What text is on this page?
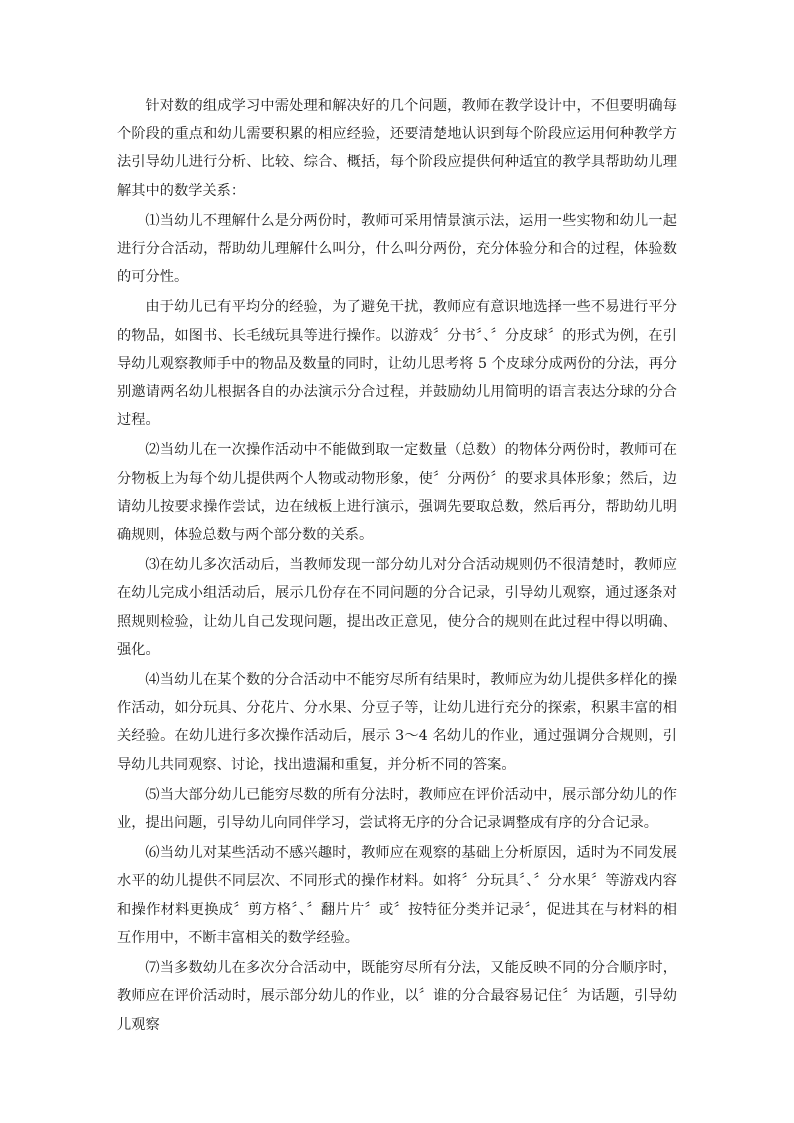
针对数的组成学习中需处理和解决好的几个问题，教师在教学设计中，不但要明确每个阶段的重点和幼儿需要积累的相应经验，还要清楚地认识到每个阶段应运用何种教学方法引导幼儿进行分析、比较、综合、概括，每个阶段应提供何种适宜的教学具帮助幼儿理解其中的数学关系：

⑴当幼儿不理解什么是分两份时，教师可采用情景演示法，运用一些实物和幼儿一起进行分合活动，帮助幼儿理解什么叫分，什么叫分两份，充分体验分和合的过程，体验数的可分性。

由于幼儿已有平均分的经验，为了避免干扰，教师应有意识地选择一些不易进行平分的物品，如图书、长毛绒玩具等进行操作。以游戏〞分书〞、〞分皮球〞的形式为例，在引导幼儿观察教师手中的物品及数量的同时，让幼儿思考将 5 个皮球分成两份的分法，再分别邀请两名幼儿根据各自的办法演示分合过程，并鼓励幼儿用简明的语言表达分球的分合过程。

⑵当幼儿在一次操作活动中不能做到取一定数量（总数）的物体分两份时，教师可在分物板上为每个幼儿提供两个人物或动物形象，使〞分两份〞的要求具体形象；然后，边请幼儿按要求操作尝试，边在绒板上进行演示，强调先要取总数，然后再分，帮助幼儿明确规则，体验总数与两个部分数的关系。

⑶在幼儿多次活动后，当教师发现一部分幼儿对分合活动规则仍不很清楚时，教师应在幼儿完成小组活动后，展示几份存在不同问题的分合记录，引导幼儿观察，通过逐条对照规则检验，让幼儿自己发现问题，提出改正意见，使分合的规则在此过程中得以明确、强化。

⑷当幼儿在某个数的分合活动中不能穷尽所有结果时，教师应为幼儿提供多样化的操作活动，如分玩具、分花片、分水果、分豆子等，让幼儿进行充分的探索，积累丰富的相关经验。在幼儿进行多次操作活动后，展示 3～4 名幼儿的作业，通过强调分合规则，引导幼儿共同观察、讨论，找出遗漏和重复，并分析不同的答案。

⑸当大部分幼儿已能穷尽数的所有分法时，教师应在评价活动中，展示部分幼儿的作业，提出问题，引导幼儿向同伴学习，尝试将无序的分合记录调整成有序的分合记录。

⑹当幼儿对某些活动不感兴趣时，教师应在观察的基础上分析原因，适时为不同发展水平的幼儿提供不同层次、不同形式的操作材料。如将〞分玩具〞、〞分水果〞等游戏内容和操作材料更换成〞剪方格〞、〞翻片片〞或〞按特征分类并记录〞，促进其在与材料的相互作用中，不断丰富相关的数学经验。

⑺当多数幼儿在多次分合活动中，既能穷尽所有分法，又能反映不同的分合顺序时，教师应在评价活动时，展示部分幼儿的作业，以〞谁的分合最容易记住〞为话题，引导幼儿观察
